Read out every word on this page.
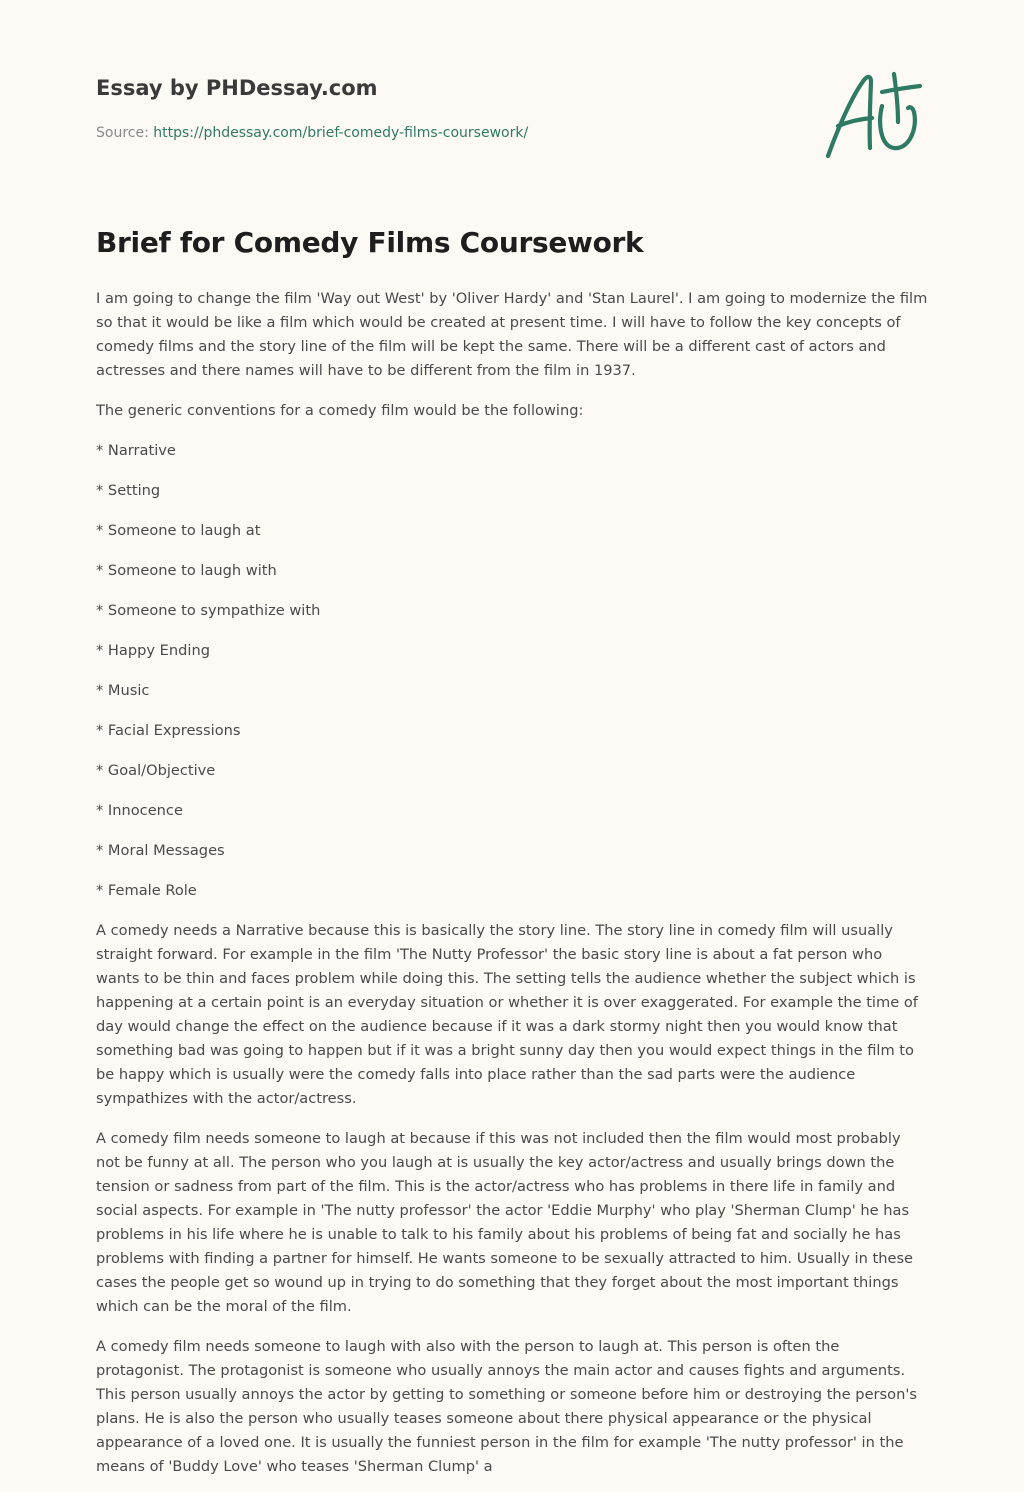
Essay by PHDessay.com

Source: https://phdessay.com/brief-comedy-films-coursework/

Brief for Comedy Films Coursework

I am going to change the film 'Way out West' by 'Oliver Hardy' and 'Stan Laurel'. I am going to modernize the film so that it would be like a film which would be created at present time. I will have to follow the key concepts of comedy films and the story line of the film will be kept the same. There will be a different cast of actors and actresses and there names will have to be different from the film in 1937.

The generic conventions for a comedy film would be the following:

* Narrative

* Setting

* Someone to laugh at

* Someone to laugh with

* Someone to sympathize with

* Happy Ending

* Music

* Facial Expressions

* Goal/Objective

* Innocence

* Moral Messages

* Female Role

A comedy needs a Narrative because this is basically the story line. The story line in comedy film will usually straight forward. For example in the film 'The Nutty Professor' the basic story line is about a fat person who wants to be thin and faces problem while doing this. The setting tells the audience whether the subject which is happening at a certain point is an everyday situation or whether it is over exaggerated. For example the time of day would change the effect on the audience because if it was a dark stormy night then you would know that something bad was going to happen but if it was a bright sunny day then you would expect things in the film to be happy which is usually were the comedy falls into place rather than the sad parts were the audience sympathizes with the actor/actress.

A comedy film needs someone to laugh at because if this was not included then the film would most probably not be funny at all. The person who you laugh at is usually the key actor/actress and usually brings down the tension or sadness from part of the film. This is the actor/actress who has problems in there life in family and social aspects. For example in 'The nutty professor' the actor 'Eddie Murphy' who play 'Sherman Clump' he has problems in his life where he is unable to talk to his family about his problems of being fat and socially he has problems with finding a partner for himself. He wants someone to be sexually attracted to him. Usually in these cases the people get so wound up in trying to do something that they forget about the most important things which can be the moral of the film.

A comedy film needs someone to laugh with also with the person to laugh at. This person is often the protagonist. The protagonist is someone who usually annoys the main actor and causes fights and arguments. This person usually annoys the actor by getting to something or someone before him or destroying the person's plans. He is also the person who usually teases someone about there physical appearance or the physical appearance of a loved one. It is usually the funniest person in the film for example 'The nutty professor' in the means of 'Buddy Love' who teases 'Sherman Clump' a
